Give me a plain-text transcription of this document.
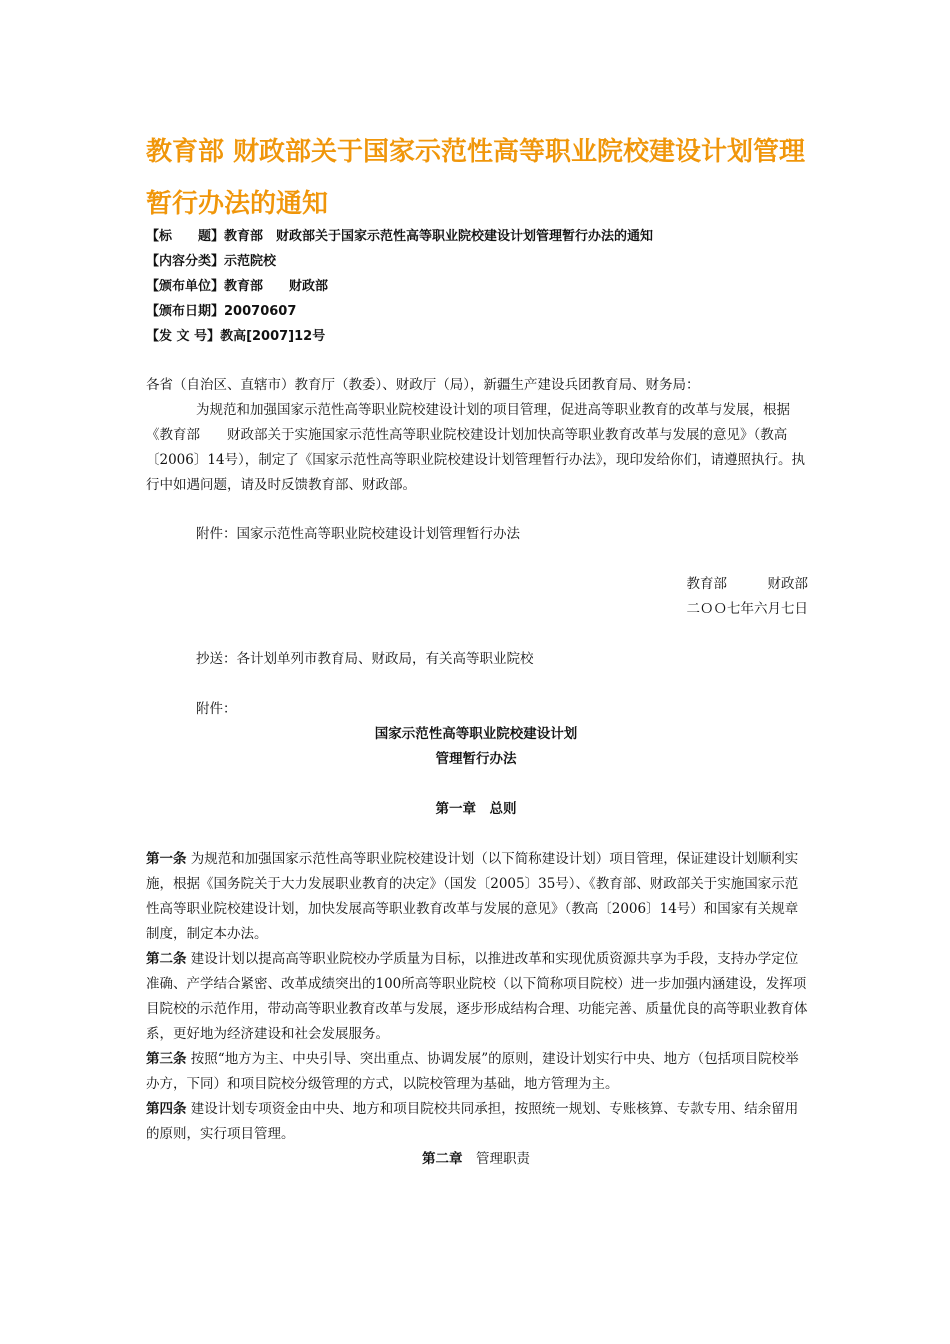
教育部 财政部关于国家示范性高等职业院校建设计划管理暂行办法的通知
【标　　题】教育部　财政部关于国家示范性高等职业院校建设计划管理暂行办法的通知
【内容分类】示范院校
【颁布单位】教育部　　财政部
【颁布日期】20070607
【发 文 号】教高[2007]12号

各省（自治区、直辖市）教育厅（教委）、财政厅（局），新疆生产建设兵团教育局、财务局：

为规范和加强国家示范性高等职业院校建设计划的项目管理，促进高等职业教育的改革与发展，根据《教育部　　财政部关于实施国家示范性高等职业院校建设计划加快高等职业教育改革与发展的意见》（教高〔2006〕14号），制定了《国家示范性高等职业院校建设计划管理暂行办法》，现印发给你们，请遵照执行。执行中如遇问题，请及时反馈教育部、财政部。

附件：国家示范性高等职业院校建设计划管理暂行办法

教育部　　　财政部

二ＯＯ七年六月七日

抄送：各计划单列市教育局、财政局，有关高等职业院校

附件：

国家示范性高等职业院校建设计划

管理暂行办法

第一章　总则

第一条 为规范和加强国家示范性高等职业院校建设计划（以下简称建设计划）项目管理，保证建设计划顺利实施，根据《国务院关于大力发展职业教育的决定》（国发〔2005〕35号）、《教育部、财政部关于实施国家示范性高等职业院校建设计划，加快发展高等职业教育改革与发展的意见》（教高〔2006〕14号）和国家有关规章制度，制定本办法。

第二条 建设计划以提高高等职业院校办学质量为目标，以推进改革和实现优质资源共享为手段，支持办学定位准确、产学结合紧密、改革成绩突出的100所高等职业院校（以下简称项目院校）进一步加强内涵建设，发挥项目院校的示范作用，带动高等职业教育改革与发展，逐步形成结构合理、功能完善、质量优良的高等职业教育体系，更好地为经济建设和社会发展服务。

第三条 按照“地方为主、中央引导、突出重点、协调发展”的原则，建设计划实行中央、地方（包括项目院校举办方，下同）和项目院校分级管理的方式，以院校管理为基础，地方管理为主。

第四条 建设计划专项资金由中央、地方和项目院校共同承担，按照统一规划、专账核算、专款专用、结余留用的原则，实行项目管理。

第二章　 管理职责
